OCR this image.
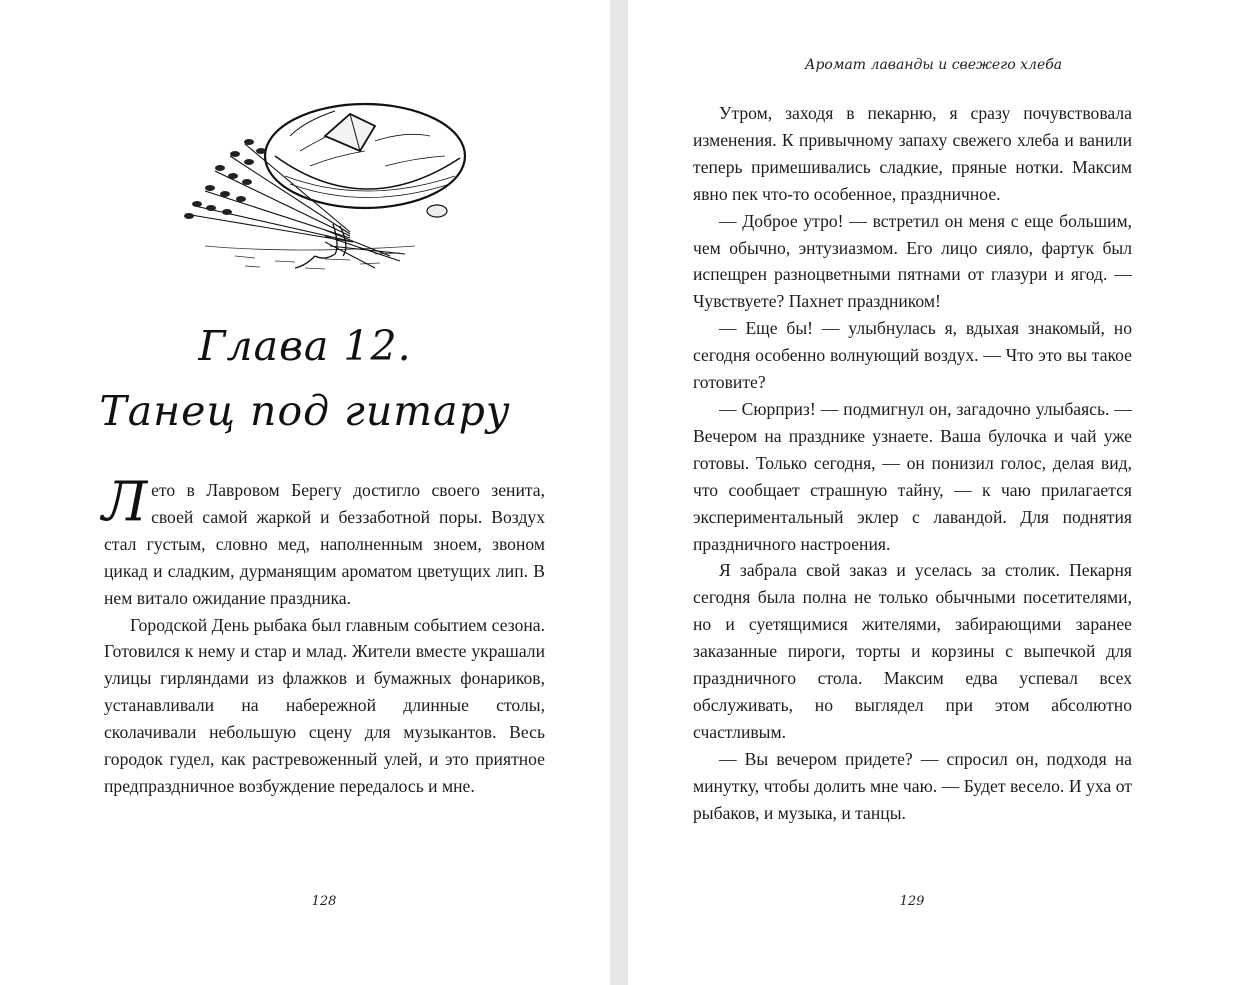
Глава 12.
Танец под гитару

Лето в Лавровом Берегу достигло своего зенита, своей самой жаркой и беззаботной поры. Воздух стал густым, словно мед, наполненным зноем, звоном цикад и сладким, дурманящим ароматом цветущих лип. В нем витало ожидание праздника.

Городской День рыбака был главным событием сезона. Готовился к нему и стар и млад. Жители вместе украшали улицы гирляндами из флажков и бумажных фонариков, устанавливали на набережной длинные столы, сколачивали небольшую сцену для музыкантов. Весь городок гудел, как растревоженный улей, и это приятное предпраздничное возбуждение передалось и мне.

128
Аромат лаванды и свежего хлеба

Утром, заходя в пекарню, я сразу почувствовала изменения. К привычному запаху свежего хлеба и ванили теперь примешивались сладкие, пряные нотки. Максим явно пек что-то особенное, праздничное.

— Доброе утро! — встретил он меня с еще большим, чем обычно, энтузиазмом. Его лицо сияло, фартук был испещрен разноцветными пятнами от глазури и ягод. — Чувствуете? Пахнет праздником!

— Еще бы! — улыбнулась я, вдыхая знакомый, но сегодня особенно волнующий воздух. — Что это вы такое готовите?

— Сюрприз! — подмигнул он, загадочно улыбаясь. — Вечером на празднике узнаете. Ваша булочка и чай уже готовы. Только сегодня, — он понизил голос, делая вид, что сообщает страшную тайну, — к чаю прилагается экспериментальный эклер с лавандой. Для поднятия праздничного настроения.

Я забрала свой заказ и уселась за столик. Пекарня сегодня была полна не только обычными посетителями, но и суетящимися жителями, забирающими заранее заказанные пироги, торты и корзины с выпечкой для праздничного стола. Максим едва успевал всех обслуживать, но выглядел при этом абсолютно счастливым.

— Вы вечером придете? — спросил он, подходя на минутку, чтобы долить мне чаю. — Будет весело. И уха от рыбаков, и музыка, и танцы.

129
